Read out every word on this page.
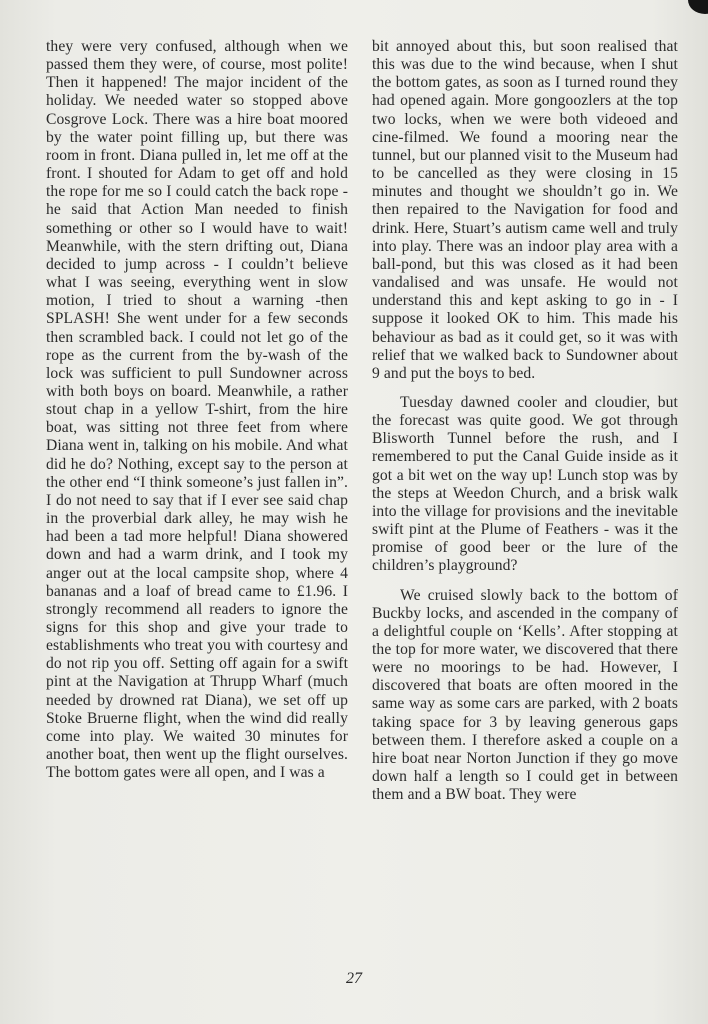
they were very confused, although when we passed them they were, of course, most polite! Then it happened! The major incident of the holiday. We needed water so stopped above Cosgrove Lock. There was a hire boat moored by the water point filling up, but there was room in front. Diana pulled in, let me off at the front. I shouted for Adam to get off and hold the rope for me so I could catch the back rope - he said that Action Man needed to finish something or other so I would have to wait! Meanwhile, with the stern drifting out, Diana decided to jump across - I couldn’t believe what I was seeing, everything went in slow motion, I tried to shout a warning -then SPLASH! She went under for a few seconds then scrambled back. I could not let go of the rope as the current from the by-wash of the lock was sufficient to pull Sundowner across with both boys on board. Meanwhile, a rather stout chap in a yellow T-shirt, from the hire boat, was sitting not three feet from where Diana went in, talking on his mobile. And what did he do? Nothing, except say to the person at the other end “I think someone’s just fallen in”. I do not need to say that if I ever see said chap in the proverbial dark alley, he may wish he had been a tad more helpful! Diana showered down and had a warm drink, and I took my anger out at the local campsite shop, where 4 bananas and a loaf of bread came to £1.96. I strongly recommend all readers to ignore the signs for this shop and give your trade to establishments who treat you with courtesy and do not rip you off. Setting off again for a swift pint at the Navigation at Thrupp Wharf (much needed by drowned rat Diana), we set off up Stoke Bruerne flight, when the wind did really come into play. We waited 30 minutes for another boat, then went up the flight ourselves. The bottom gates were all open, and I was a

bit annoyed about this, but soon realised that this was due to the wind because, when I shut the bottom gates, as soon as I turned round they had opened again. More gongoozlers at the top two locks, when we were both videoed and cine-filmed. We found a mooring near the tunnel, but our planned visit to the Museum had to be cancelled as they were closing in 15 minutes and thought we shouldn’t go in. We then repaired to the Navigation for food and drink. Here, Stuart’s autism came well and truly into play. There was an indoor play area with a ball-pond, but this was closed as it had been vandalised and was unsafe. He would not understand this and kept asking to go in - I suppose it looked OK to him. This made his behaviour as bad as it could get, so it was with relief that we walked back to Sundowner about 9 and put the boys to bed.

Tuesday dawned cooler and cloudier, but the forecast was quite good. We got through Blisworth Tunnel before the rush, and I remembered to put the Canal Guide inside as it got a bit wet on the way up! Lunch stop was by the steps at Weedon Church, and a brisk walk into the village for provisions and the inevitable swift pint at the Plume of Feathers - was it the promise of good beer or the lure of the children’s playground?

We cruised slowly back to the bottom of Buckby locks, and ascended in the company of a delightful couple on ‘Kells’. After stopping at the top for more water, we discovered that there were no moorings to be had. However, I discovered that boats are often moored in the same way as some cars are parked, with 2 boats taking space for 3 by leaving generous gaps between them. I therefore asked a couple on a hire boat near Norton Junction if they go move down half a length so I could get in between them and a BW boat. They were

27
